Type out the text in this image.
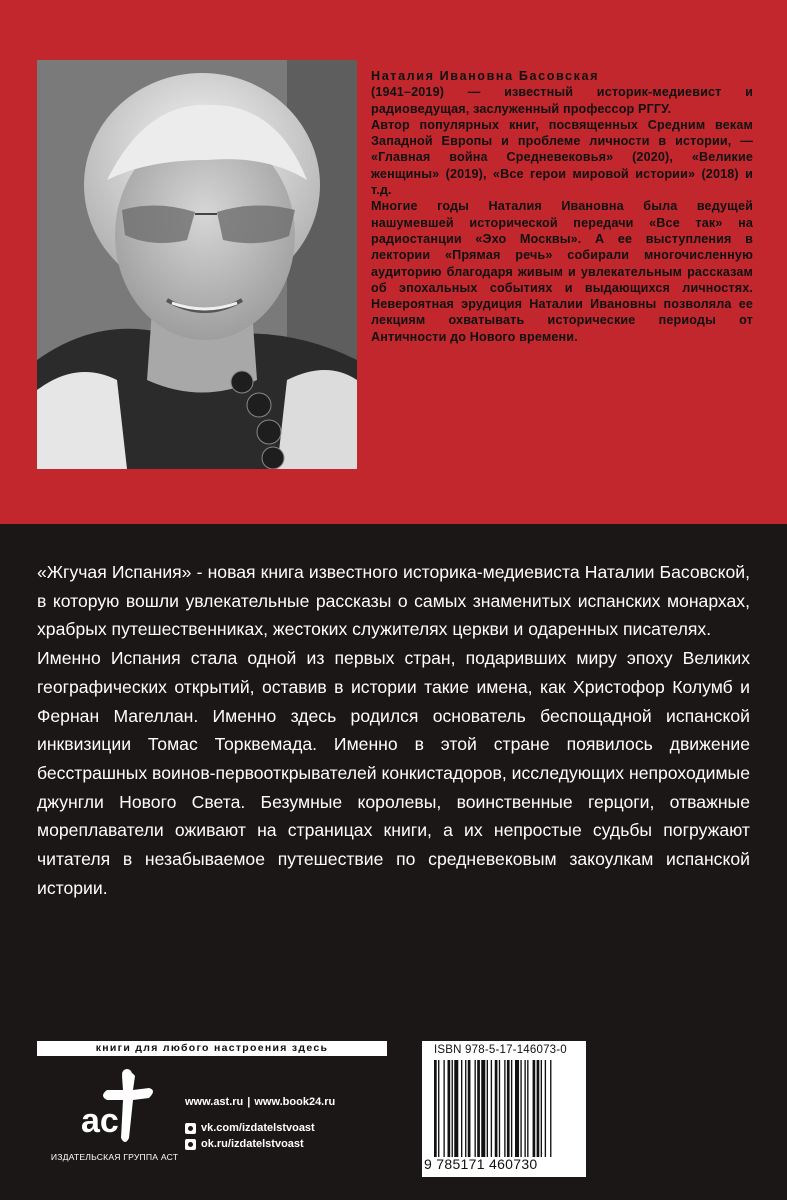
Наталия Ивановна Басовская
(1941–2019) — известный историк-медиевист и радиоведущая, заслуженный профессор РГГУ.

Автор популярных книг, посвященных Средним векам Западной Европы и проблеме личности в истории, — «Главная война Средневековья» (2020), «Великие женщины» (2019), «Все герои мировой истории» (2018) и т.д.

Многие годы Наталия Ивановна была ведущей нашумевшей исторической передачи «Все так» на радиостанции «Эхо Москвы». А ее выступления в лектории «Прямая речь» собирали многочисленную аудиторию благодаря живым и увлекательным рассказам об эпохальных событиях и выдающихся личностях. Невероятная эрудиция Наталии Ивановны позволяла ее лекциям охватывать исторические периоды от Античности до Нового времени.

«Жгучая Испания» - новая книга известного историка-медиевиста Наталии Басовской, в которую вошли увлекательные рассказы о самых знаменитых испанских монархах, храбрых путешественниках, жестоких служителях церкви и одаренных писателях.

Именно Испания стала одной из первых стран, подаривших миру эпоху Великих географических открытий, оставив в истории такие имена, как Христофор Колумб и Фернан Магеллан. Именно здесь родился основатель беспощадной испанской инквизиции Томас Торквемада. Именно в этой стране появилось движение бесстрашных воинов-первооткрывателей конкистадоров, исследующих непроходимые джунгли Нового Света. Безумные королевы, воинственные герцоги, отважные мореплаватели оживают на страницах книги, а их непростые судьбы погружают читателя в незабываемое путешествие по средневековым закоулкам испанской истории.

книги для любого настроения здесь
ас
ИЗДАТЕЛЬСКАЯ ГРУППА АСТ
www.ast.ru | www.book24.ru
vk.com/izdatelstvoast
ok.ru/izdatelstvoast
ISBN 978-5-17-146073-0
9 785171 460730
